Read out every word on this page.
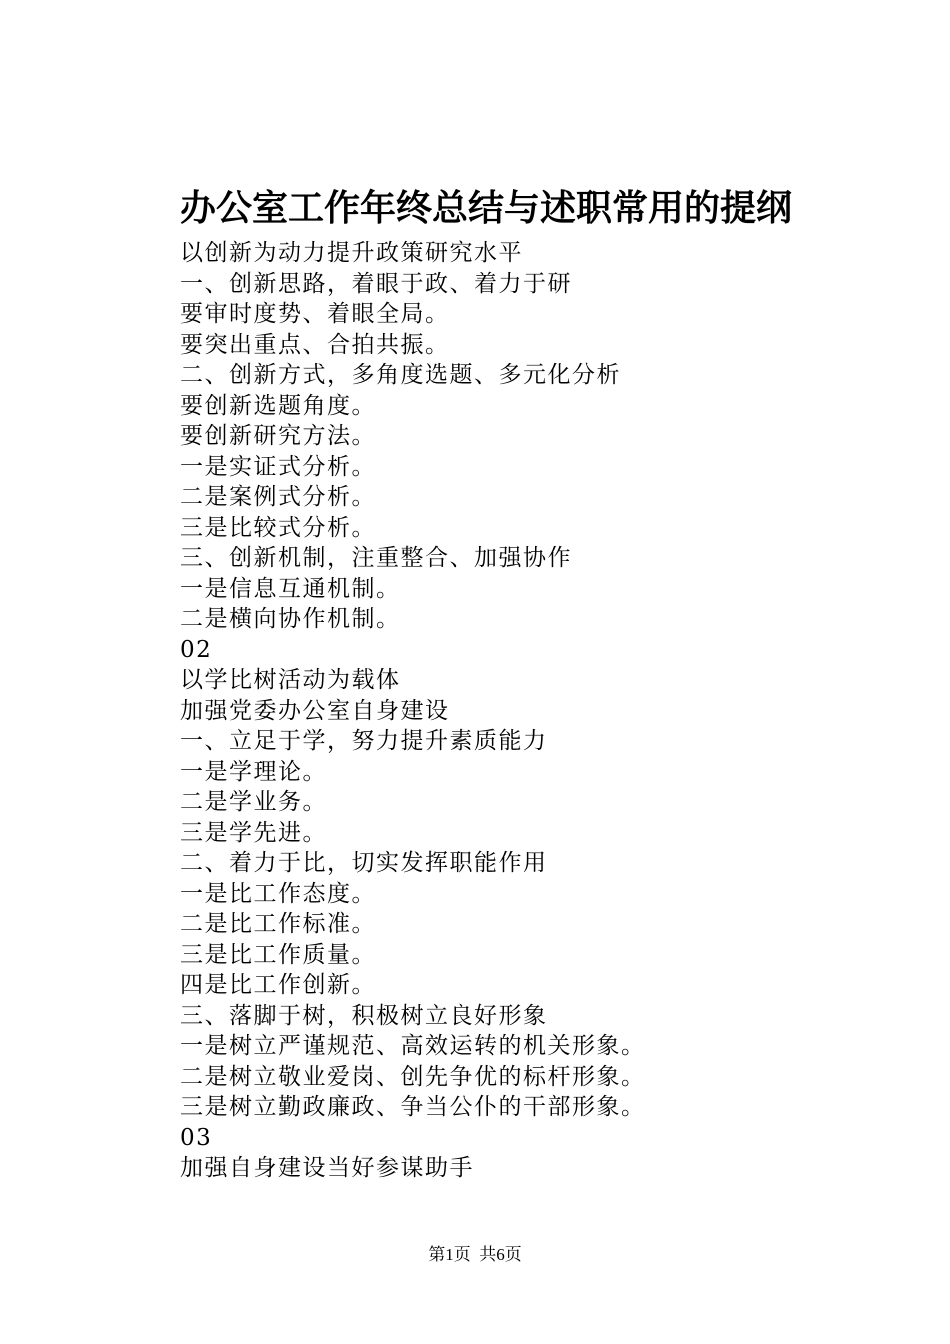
办公室工作年终总结与述职常用的提纲
以创新为动力提升政策研究水平
一、创新思路，着眼于政、着力于研
要审时度势、着眼全局。
要突出重点、合拍共振。
二、创新方式，多角度选题、多元化分析
要创新选题角度。
要创新研究方法。
一是实证式分析。
二是案例式分析。
三是比较式分析。
三、创新机制，注重整合、加强协作
一是信息互通机制。
二是横向协作机制。
02
以学比树活动为载体
加强党委办公室自身建设
一、立足于学，努力提升素质能力
一是学理论。
二是学业务。
三是学先进。
二、着力于比，切实发挥职能作用
一是比工作态度。
二是比工作标准。
三是比工作质量。
四是比工作创新。
三、落脚于树，积极树立良好形象
一是树立严谨规范、高效运转的机关形象。
二是树立敬业爱岗、创先争优的标杆形象。
三是树立勤政廉政、争当公仆的干部形象。
03
加强自身建设当好参谋助手
第1页  共6页
